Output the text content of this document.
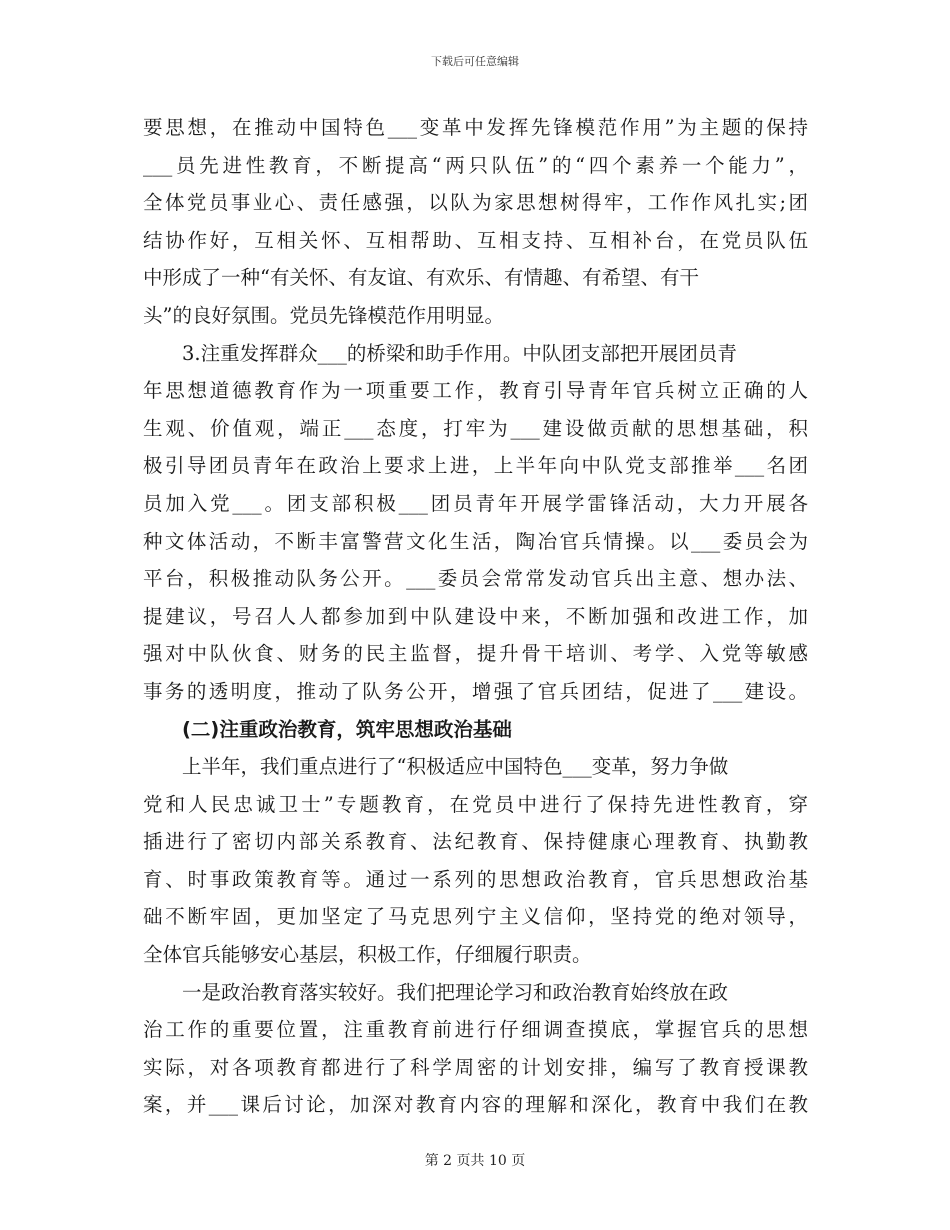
下载后可任意编辑
要思想，在推动中国特色___变革中发挥先锋模范作用”为主题的保持
___员先进性教育，不断提高“两只队伍”的“四个素养一个能力”，
全体党员事业心、责任感强，以队为家思想树得牢，工作作风扎实;团
结协作好，互相关怀、互相帮助、互相支持、互相补台，在党员队伍
中形成了一种“有关怀、有友谊、有欢乐、有情趣、有希望、有干
头”的良好氛围。党员先锋模范作用明显。
3.注重发挥群众___的桥梁和助手作用。中队团支部把开展团员青
年思想道德教育作为一项重要工作，教育引导青年官兵树立正确的人
生观、价值观，端正___态度，打牢为___建设做贡献的思想基础，积
极引导团员青年在政治上要求上进，上半年向中队党支部推举___名团
员加入党___。团支部积极___团员青年开展学雷锋活动，大力开展各
种文体活动，不断丰富警营文化生活，陶冶官兵情操。以___委员会为
平台，积极推动队务公开。___委员会常常发动官兵出主意、想办法、
提建议，号召人人都参加到中队建设中来，不断加强和改进工作，加
强对中队伙食、财务的民主监督，提升骨干培训、考学、入党等敏感
事务的透明度，推动了队务公开，增强了官兵团结，促进了___建设。
(二)注重政治教育，筑牢思想政治基础
上半年，我们重点进行了“积极适应中国特色___变革，努力争做
党和人民忠诚卫士”专题教育，在党员中进行了保持先进性教育，穿
插进行了密切内部关系教育、法纪教育、保持健康心理教育、执勤教
育、时事政策教育等。通过一系列的思想政治教育，官兵思想政治基
础不断牢固，更加坚定了马克思列宁主义信仰，坚持党的绝对领导，
全体官兵能够安心基层，积极工作，仔细履行职责。
一是政治教育落实较好。我们把理论学习和政治教育始终放在政
治工作的重要位置，注重教育前进行仔细调查摸底，掌握官兵的思想
实际，对各项教育都进行了科学周密的计划安排，编写了教育授课教
案，并___课后讨论，加深对教育内容的理解和深化，教育中我们在教
第 2 页共 10 页
